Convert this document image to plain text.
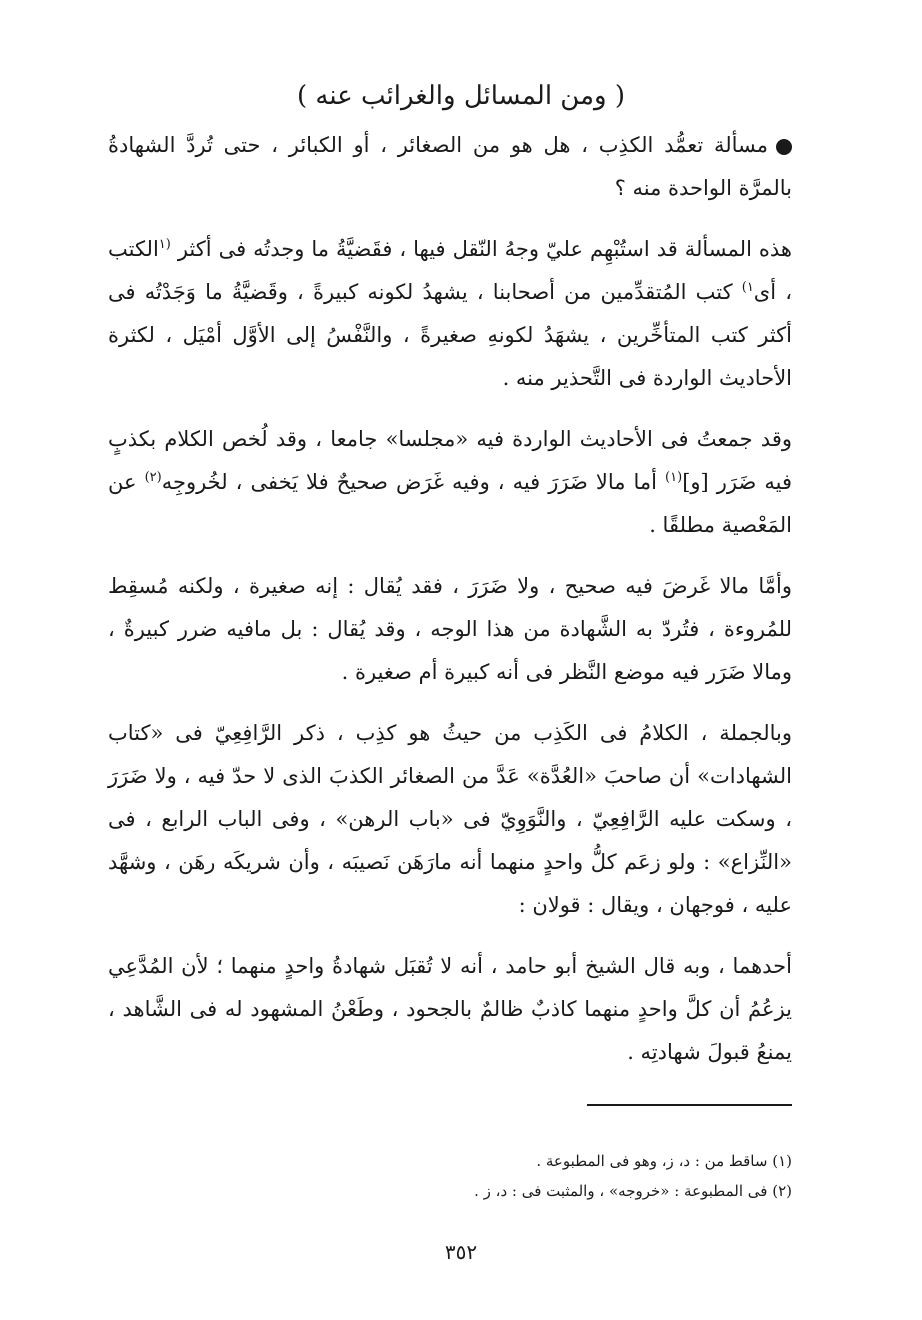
( ومن المسائل والغرائب عنه )

مسألة تعمُّد الكذِب ، هل هو من الصغائر ، أو الكبائر ، حتى تُردَّ الشهادةُ بالمرَّة الواحدة منه ؟

هذه المسألة قد استُبْهِم عليّ وجهُ النّقل فيها ، فقَضيَّةُ ما وجدتُه فى أكثر $^{(١}$الكتب ، أى$^{١)}$ كتب المُتقدِّمين من أصحابنا ، يشهدُ لكونه كبيرةً ، وقَضيَّةُ ما وَجَدْتُه فى أكثر كتب المتأخِّرين ، يشهَدُ لكونهِ صغيرةً ، والنَّفْسُ إلى الأوَّل أمْيَل ، لكثرة الأحاديث الواردة فى التَّحذير منه .

وقد جمعتُ فى الأحاديث الواردة فيه «مجلسا» جامعا ، وقد لُخص الكلام بكذبٍ فيه ضَرَر [و]$^{(١)}$ أما مالا ضَرَرَ فيه ، وفيه غَرَض صحيحٌ فلا يَخفى ، لخُروجِه$^{(٢)}$ عن المَعْصية مطلقًا .

وأمَّا مالا غَرضَ فيه صحيح ، ولا ضَرَرَ ، فقد يُقال : إنه صغيرة ، ولكنه مُسقِط للمُروءة ، فتُردّ به الشَّهادة من هذا الوجه ، وقد يُقال : بل مافيه ضرر كبيرةٌ ، ومالا ضَرَر فيه موضع النَّظر فى أنه كبيرة أم صغيرة .

وبالجملة ، الكلامُ فى الكَذِب من حيثُ هو كذِب ، ذكر الرَّافِعِيّ فى «كتاب الشهادات» أن صاحبَ «العُدَّة» عَدَّ من الصغائر الكذبَ الذى لا حدّ فيه ، ولا ضَرَرَ ، وسكت عليه الرَّافِعِيّ ، والنَّوَوِيّ فى «باب الرهن» ، وفى الباب الرابع ، فى «النِّزاع» : ولو زعَم كلُّ واحدٍ منهما أنه مارَهَن نَصيبَه ، وأن شريكَه رهَن ، وشهَّد عليه ، فوجهان ، ويقال : قولان :

أحدهما ، وبه قال الشيخ أبو حامد ، أنه لا تُقبَل شهادةُ واحدٍ منهما ؛ لأن المُدَّعِي يزعُمُ أن كلَّ واحدٍ منهما كاذبٌ ظالمٌ بالجحود ، وطَعْنُ المشهود له فى الشَّاهد ، يمنعُ قبولَ شهادتِه .

(١) ساقط من : د، ز، وهو فى المطبوعة .

(٢) فى المطبوعة : «خروجه» ، والمثبت فى : د، ز .

٣٥٢
